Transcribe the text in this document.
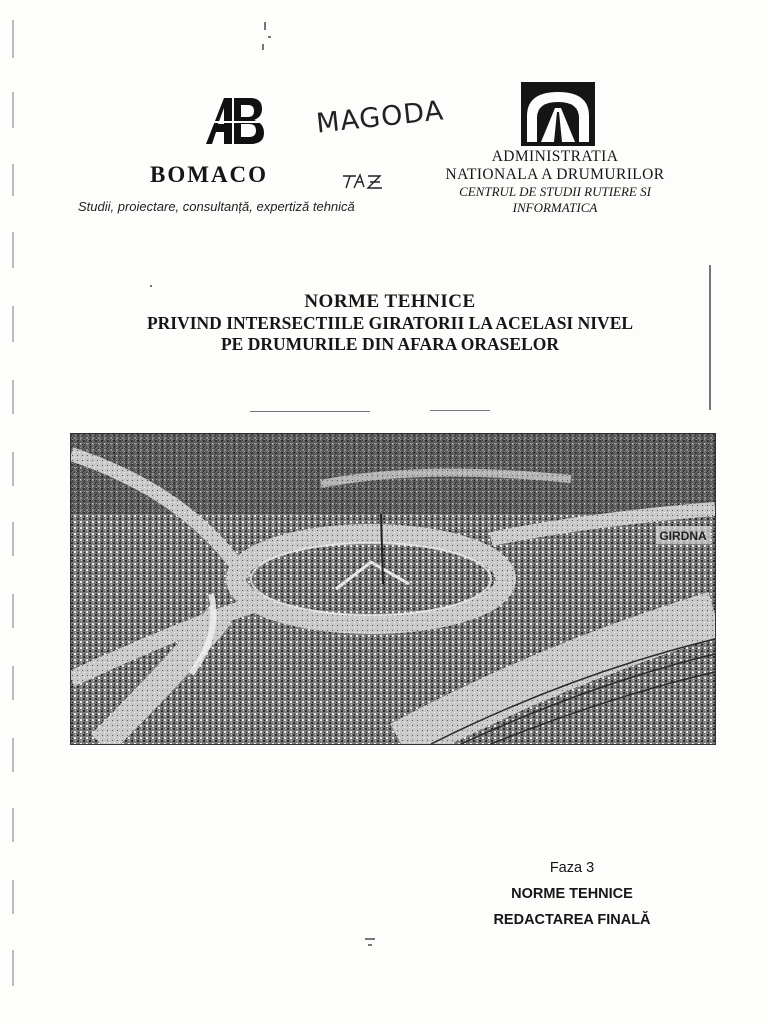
MAGODA
BOMACO
Studii, proiectare, consultanță, expertiză tehnică
ADMINISTRATIA
NATIONALA A DRUMURILOR
CENTRUL DE STUDII RUTIERE SI
INFORMATICA
NORME TEHNICE
PRIVIND INTERSECTIILE GIRATORII LA ACELASI NIVEL
PE DRUMURILE DIN AFARA ORASELOR
GIRDNA
Faza 3
NORME TEHNICE
REDACTAREA FINALĂ
